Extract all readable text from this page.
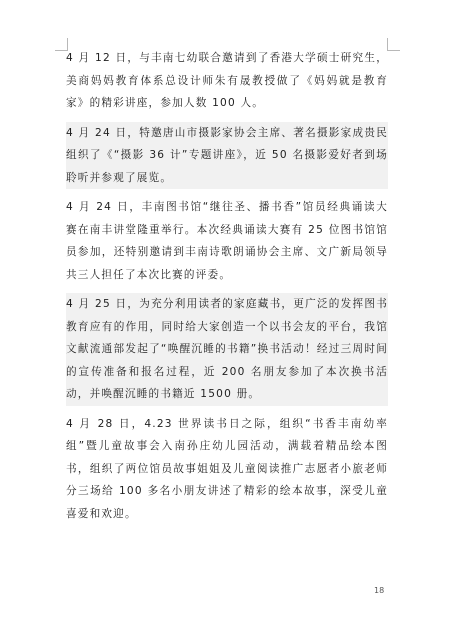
4 月 12 日，与丰南七幼联合邀请到了香港大学硕士研究生，美商妈妈教育体系总设计师朱有晟教授做了《妈妈就是教育家》的精彩讲座，参加人数 100 人。

4 月 24 日，特邀唐山市摄影家协会主席、著名摄影家成贵民组织了《“摄影 36 计”专题讲座》，近 50 名摄影爱好者到场聆听并参观了展览。

4 月 24 日，丰南图书馆“继往圣、播书香”馆员经典诵读大赛在南丰讲堂隆重举行。本次经典诵读大赛有 25 位图书馆馆员参加，还特别邀请到丰南诗歌朗诵协会主席、文广新局领导共三人担任了本次比赛的评委。

4 月 25 日，为充分利用读者的家庭藏书，更广泛的发挥图书教育应有的作用，同时给大家创造一个以书会友的平台，我馆文献流通部发起了“唤醒沉睡的书籍”换书活动！经过三周时间的宣传准备和报名过程，近 200 名朋友参加了本次换书活动，并唤醒沉睡的书籍近 1500 册。

4 月 28 日，4.23 世界读书日之际，组织“书香丰南幼率组”暨儿童故事会入南孙庄幼儿园活动，满载着精品绘本图书，组织了两位馆员故事姐姐及儿童阅读推广志愿者小旅老师分三场给 100 多名小朋友讲述了精彩的绘本故事，深受儿童喜爱和欢迎。

18
